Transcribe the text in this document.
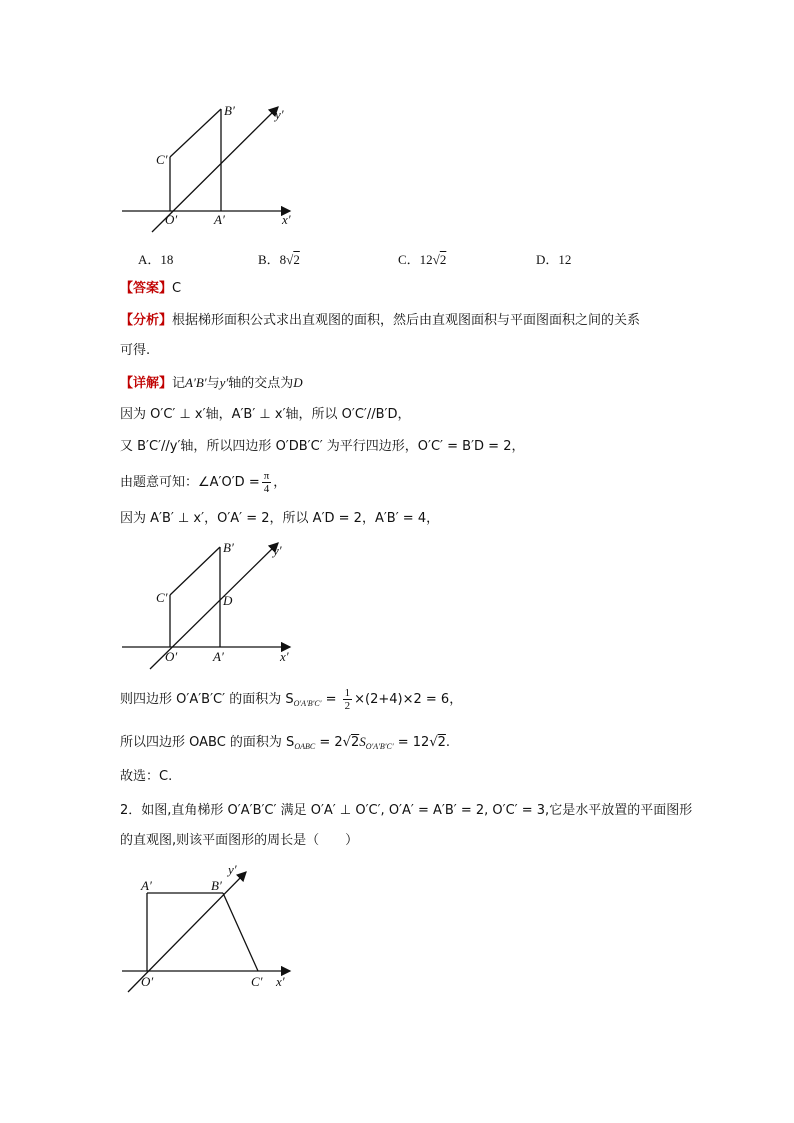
B′	y′
C′
O′	A′	x′
A．18	B．8√2	C．12√2	D．12
【答案】C
【分析】根据梯形面积公式求出直观图的面积，然后由直观图面积与平面图面积之间的关系
可得.
【详解】记A′B′与y′轴的交点为D
因为 O′C′ ⊥ x′轴，A′B′ ⊥ x′轴，所以 O′C′//B′D，
又 B′C′//y′轴，所以四边形 O′DB′C′ 为平行四边形，O′C′ = B′D = 2，
由题意可知：∠A′O′D = $\frac{\pi}{4}$ ，
因为 A′B′ ⊥ x′，O′A′ = 2，所以 A′D = 2，A′B′ = 4，
B′	y′
C′	D
O′	A′	x′
则四边形 O′A′B′C′ 的面积为 $S_{O'A'B'C'} = \frac{1}{2} \times(2+4)\times 2 = 6$，
所以四边形 OABC 的面积为 $S_{OABC} = 2√2S_{O'A'B'C'} = 12√2$.
故选：C.
2．如图,直角梯形 O′A′B′C′ 满足 O′A′ ⊥ O′C′, O′A′ = A′B′ = 2, O′C′ = 3,它是水平放置的平面图形
的直观图,则该平面图形的周长是（　　）
y′
A′	B′
O′	C′ x′
